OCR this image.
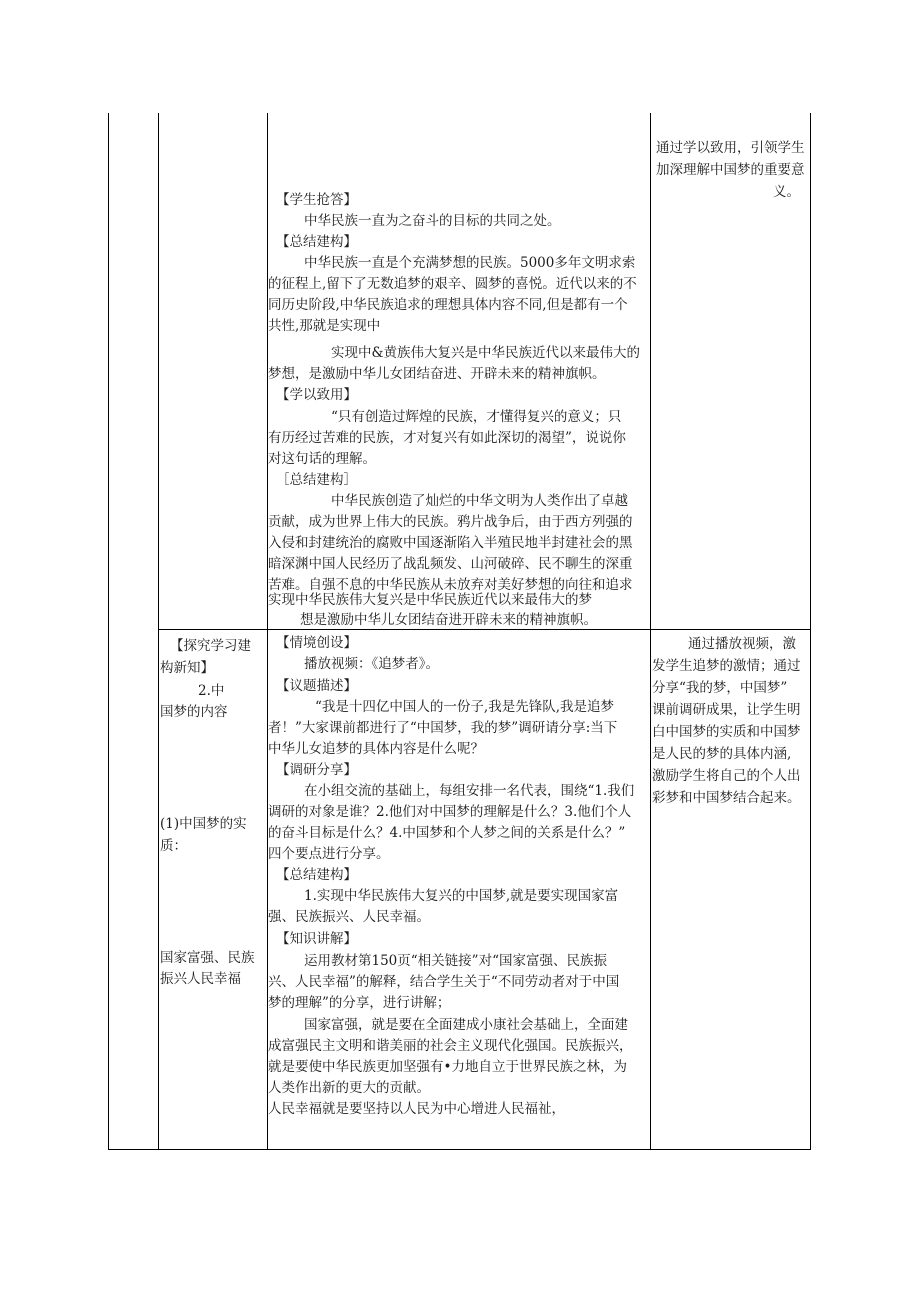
通过学以致用，引领学生
加深理解中国梦的重要意
义。
【学生抢答】
中华民族一直为之奋斗的目标的共同之处。
【总结建构】
中华民族一直是个充满梦想的民族。5000多年文明求索
的征程上,留下了无数追梦的艰辛、圆梦的喜悦。近代以来的不
同历史阶段,中华民族追求的理想具体内容不同,但是都有一个
共性,那就是实现中
实现中&黄族伟大复兴是中华民族近代以来最伟大的
梦想，是激励中华儿女团结奋进、开辟未来的精神旗帜。
【学以致用】
“只有创造过辉煌的民族，才懂得复兴的意义；只
有历经过苦难的民族，才对复兴有如此深切的渴望”，说说你
对这句话的理解。
［总结建构］
中华民族创造了灿烂的中华文明为人类作出了卓越
贡献，成为世界上伟大的民族。鸦片战争后，由于西方列强的
入侵和封建统治的腐败中国逐渐陷入半殖民地半封建社会的黑
暗深渊中国人民经历了战乱频发、山河破碎、民不聊生的深重
苦难。自强不息的中华民族从未放弃对美好梦想的向往和追求
实现中华民族伟大复兴是中华民族近代以来最伟大的梦
想是激励中华儿女团结奋进开辟未来的精神旗帜。
【探究学习建
构新知】
2.中
国梦的内容
(1)中国梦的实
质：
国家富强、民族
振兴人民幸福
【情境创设】
播放视频：《追梦者》。
【议题描述】
“我是十四亿中国人的一份子,我是先锋队,我是追梦
者！”大家课前都进行了“中国梦，我的梦”调研请分享:当下
中华儿女追梦的具体内容是什么呢？
【调研分享】
在小组交流的基础上，每组安排一名代表，围绕“1.我们
调研的对象是谁？2.他们对中国梦的理解是什么？3.他们个人
的奋斗目标是什么？4.中国梦和个人梦之间的关系是什么？”
四个要点进行分享。
【总结建构】
1.实现中华民族伟大复兴的中国梦,就是要实现国家富
强、民族振兴、人民幸福。
【知识讲解】
运用教材第150页“相关链接”对“国家富强、民族振
兴、人民幸福”的解释，结合学生关于“不同劳动者对于中国
梦的理解”的分享，进行讲解；
国家富强，就是要在全面建成小康社会基础上，全面建
成富强民主文明和谐美丽的社会主义现代化强国。民族振兴，
就是要使中华民族更加坚强有•力地自立于世界民族之林，为
人类作出新的更大的贡献。
人民幸福就是要坚持以人民为中心增进人民福祉，
通过播放视频，激
发学生追梦的激情；通过
分享“我的梦，中国梦”
课前调研成果，让学生明
白中国梦的实质和中国梦
是人民的梦的具体内涵,
激励学生将自己的个人出
彩梦和中国梦结合起来。
